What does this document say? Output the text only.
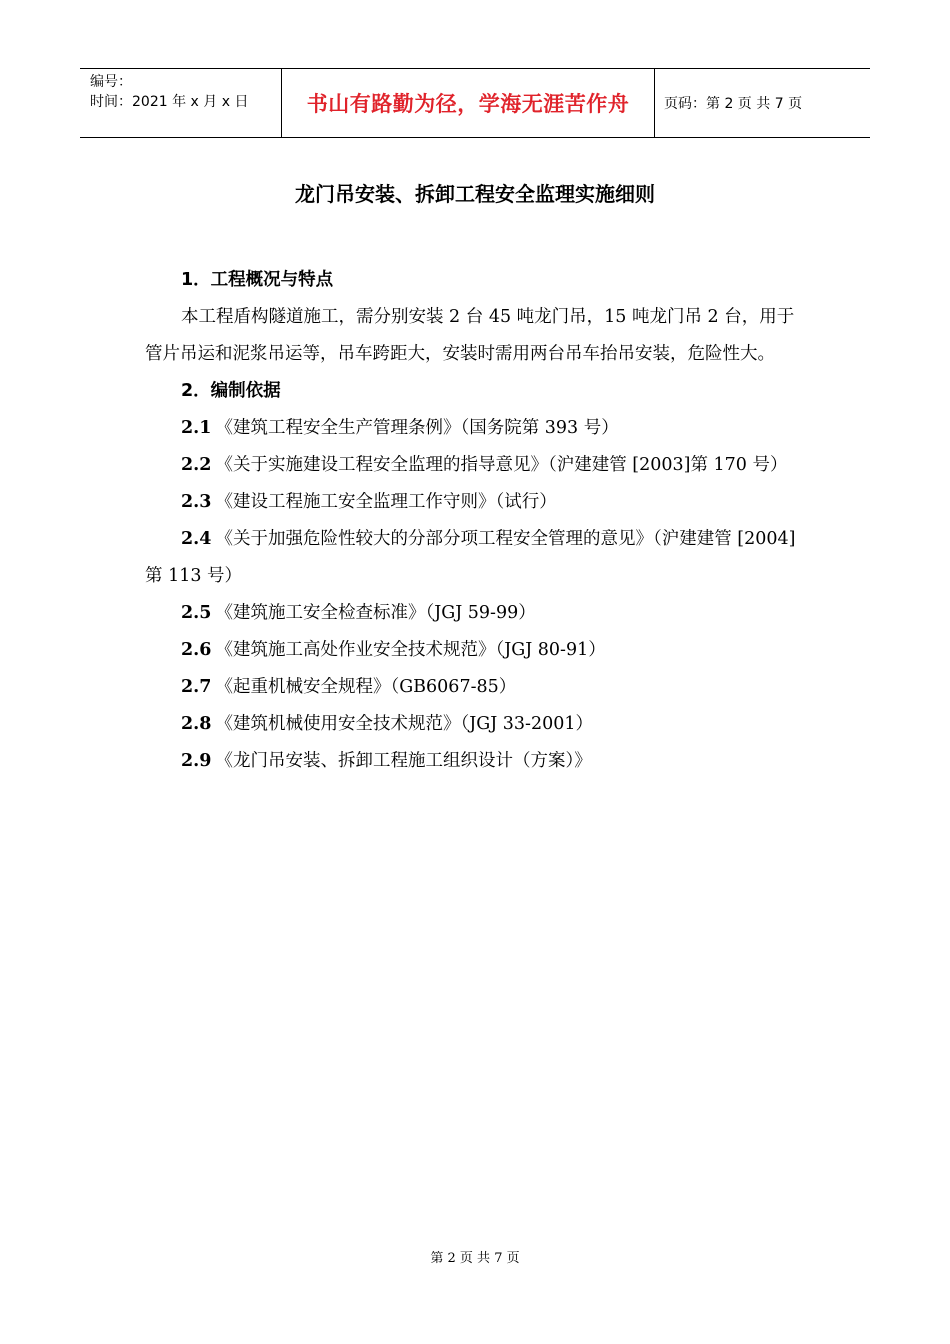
编号：
时间：2021 年 x 月 x 日	书山有路勤为径，学海无涯苦作舟	页码：第 2 页 共 7 页
龙门吊安装、拆卸工程安全监理实施细则

1．工程概况与特点

本工程盾构隧道施工，需分别安装 2 台 45 吨龙门吊，15 吨龙门吊 2 台，用于管片吊运和泥浆吊运等，吊车跨距大，安装时需用两台吊车抬吊安装，危险性大。

2．编制依据

2.1 《建筑工程安全生产管理条例》（国务院第 393 号）

2.2 《关于实施建设工程安全监理的指导意见》（沪建建管 [2003]第 170 号）

2.3 《建设工程施工安全监理工作守则》（试行）

2.4 《关于加强危险性较大的分部分项工程安全管理的意见》（沪建建管 [2004]第 113 号）

2.5 《建筑施工安全检查标准》（JGJ 59-99）

2.6 《建筑施工高处作业安全技术规范》（JGJ 80-91）

2.7 《起重机械安全规程》（GB6067-85）

2.8 《建筑机械使用安全技术规范》（JGJ 33-2001）

2.9 《龙门吊安装、拆卸工程施工组织设计（方案）》

第 2 页 共 7 页
